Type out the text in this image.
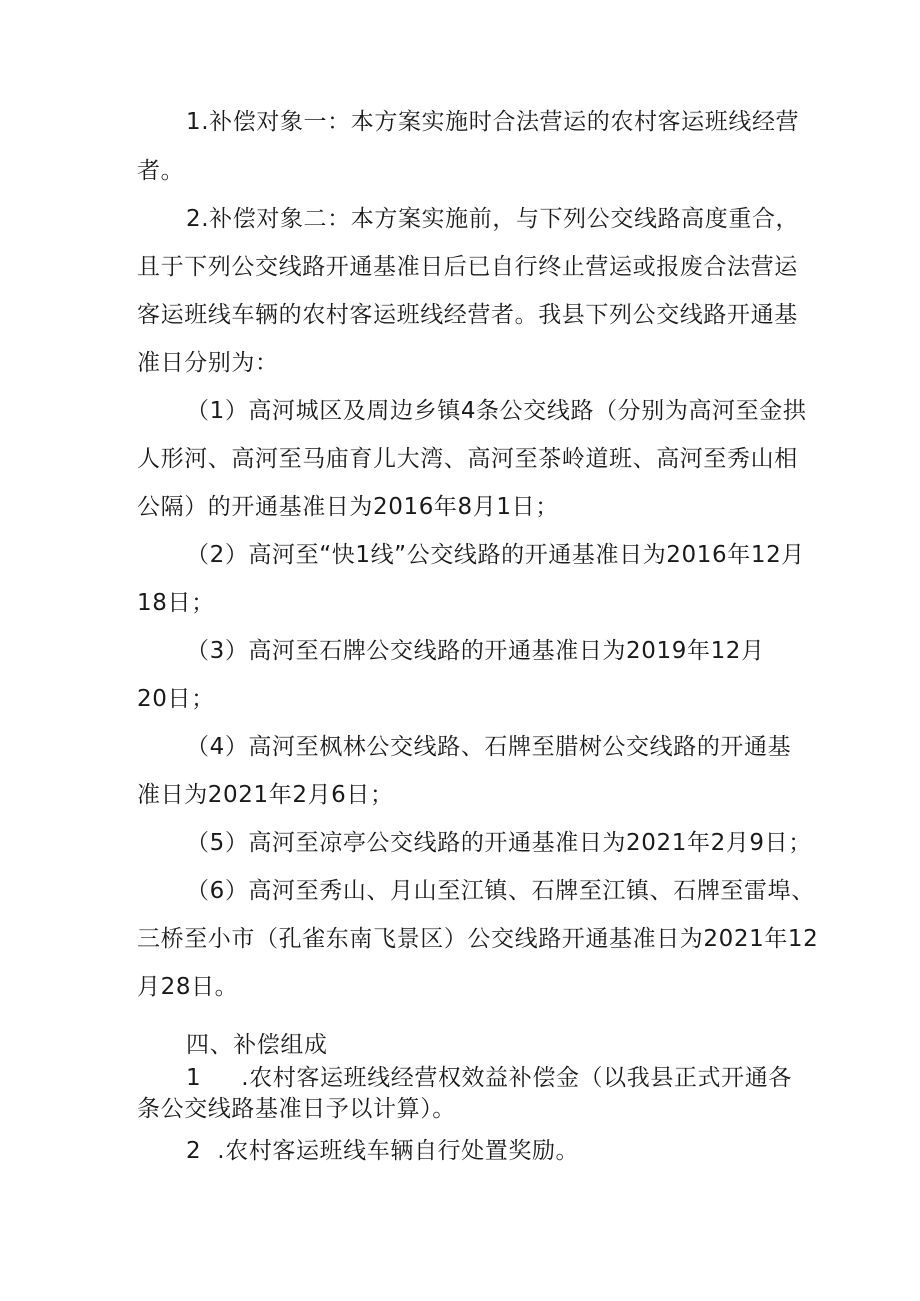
1.补偿对象一：本方案实施时合法营运的农村客运班线经营

者。

2.补偿对象二：本方案实施前，与下列公交线路高度重合，

且于下列公交线路开通基准日后已自行终止营运或报废合法营运

客运班线车辆的农村客运班线经营者。我县下列公交线路开通基

准日分别为：

（1）高河城区及周边乡镇4条公交线路（分别为高河至金拱

人形河、高河至马庙育儿大湾、高河至茶岭道班、高河至秀山相

公隔）的开通基准日为2016年8月1日；

（2）高河至“快1线”公交线路的开通基准日为2016年12月

18日；

（3）高河至石牌公交线路的开通基准日为2019年12月

20日；

（4）高河至枫林公交线路、石牌至腊树公交线路的开通基

准日为2021年2月6日；

（5）高河至凉亭公交线路的开通基准日为2021年2月9日；

（6）高河至秀山、月山至江镇、石牌至江镇、石牌至雷埠、

三桥至小市（孔雀东南飞景区）公交线路开通基准日为2021年12

月28日。

四、补偿组成

1 .农村客运班线经营权效益补偿金（以我县正式开通各

条公交线路基准日予以计算）。

2 .农村客运班线车辆自行处置奖励。
